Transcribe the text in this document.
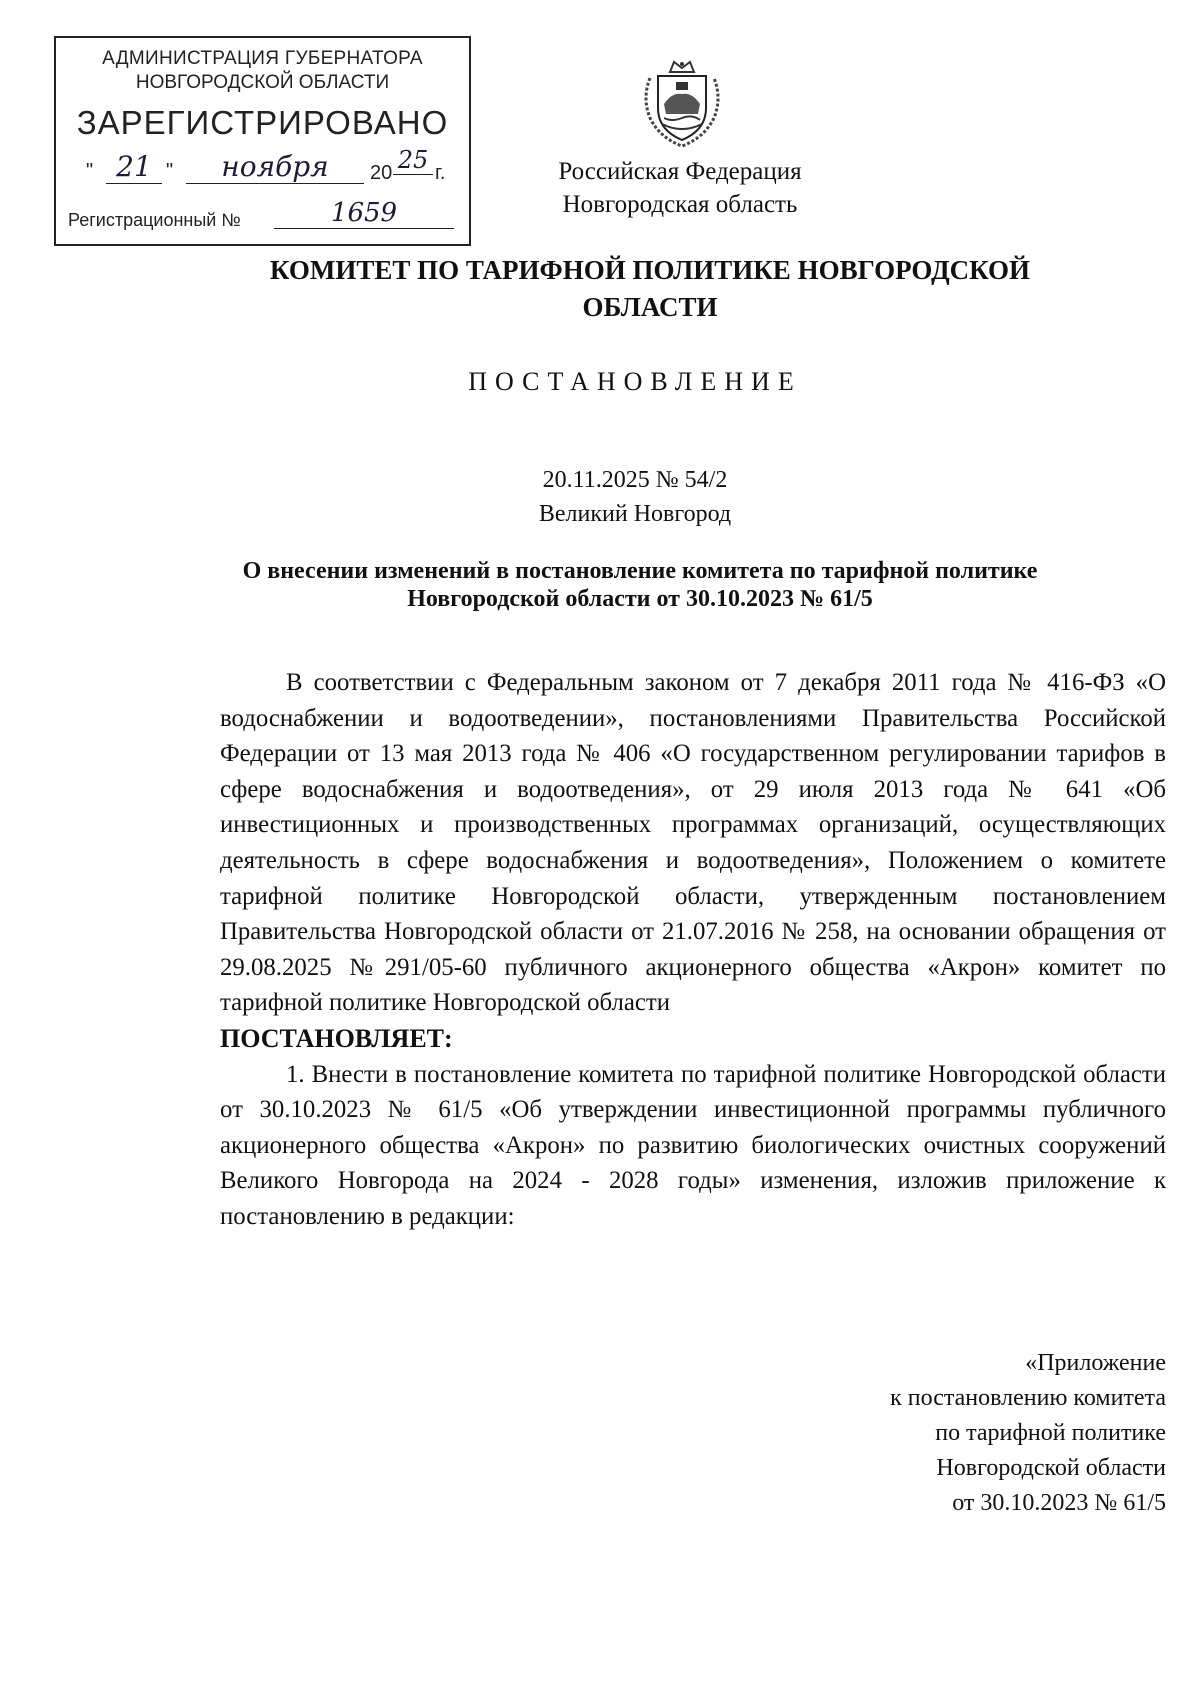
АДМИНИСТРАЦИЯ ГУБЕРНАТОРА
НОВГОРОДСКОЙ ОБЛАСТИ
ЗАРЕГИСТРИРОВАНО
" 21 "	ноября	20 25 г.
Регистрационный №	1659
Российская Федерация
Новгородская область
КОМИТЕТ ПО ТАРИФНОЙ ПОЛИТИКЕ НОВГОРОДСКОЙ ОБЛАСТИ
ПОСТАНОВЛЕНИЕ
20.11.2025 № 54/2
Великий Новгород
О внесении изменений в постановление комитета по тарифной политике Новгородской области от 30.10.2023 № 61/5

В соответствии с Федеральным законом от 7 декабря 2011 года № 416-ФЗ «О водоснабжении и водоотведении», постановлениями Правительства Российской Федерации от 13 мая 2013 года № 406 «О государственном регулировании тарифов в сфере водоснабжения и водоотведения», от 29 июля 2013 года № 641 «Об инвестиционных и производственных программах организаций, осуществляющих деятельность в сфере водоснабжения и водоотведения», Положением о комитете тарифной политике Новгородской области, утвержденным постановлением Правительства Новгородской области от 21.07.2016 № 258, на основании обращения от 29.08.2025 №291/05-60 публичного акционерного общества «Акрон» комитет по тарифной политике Новгородской области

ПОСТАНОВЛЯЕТ:

1. Внести в постановление комитета по тарифной политике Новгородской области от 30.10.2023 № 61/5 «Об утверждении инвестиционной программы публичного акционерного общества «Акрон» по развитию биологических очистных сооружений Великого Новгорода на 2024 - 2028 годы» изменения, изложив приложение к постановлению в редакции:

«Приложение
к постановлению комитета
по тарифной политике
Новгородской области
от 30.10.2023 № 61/5
